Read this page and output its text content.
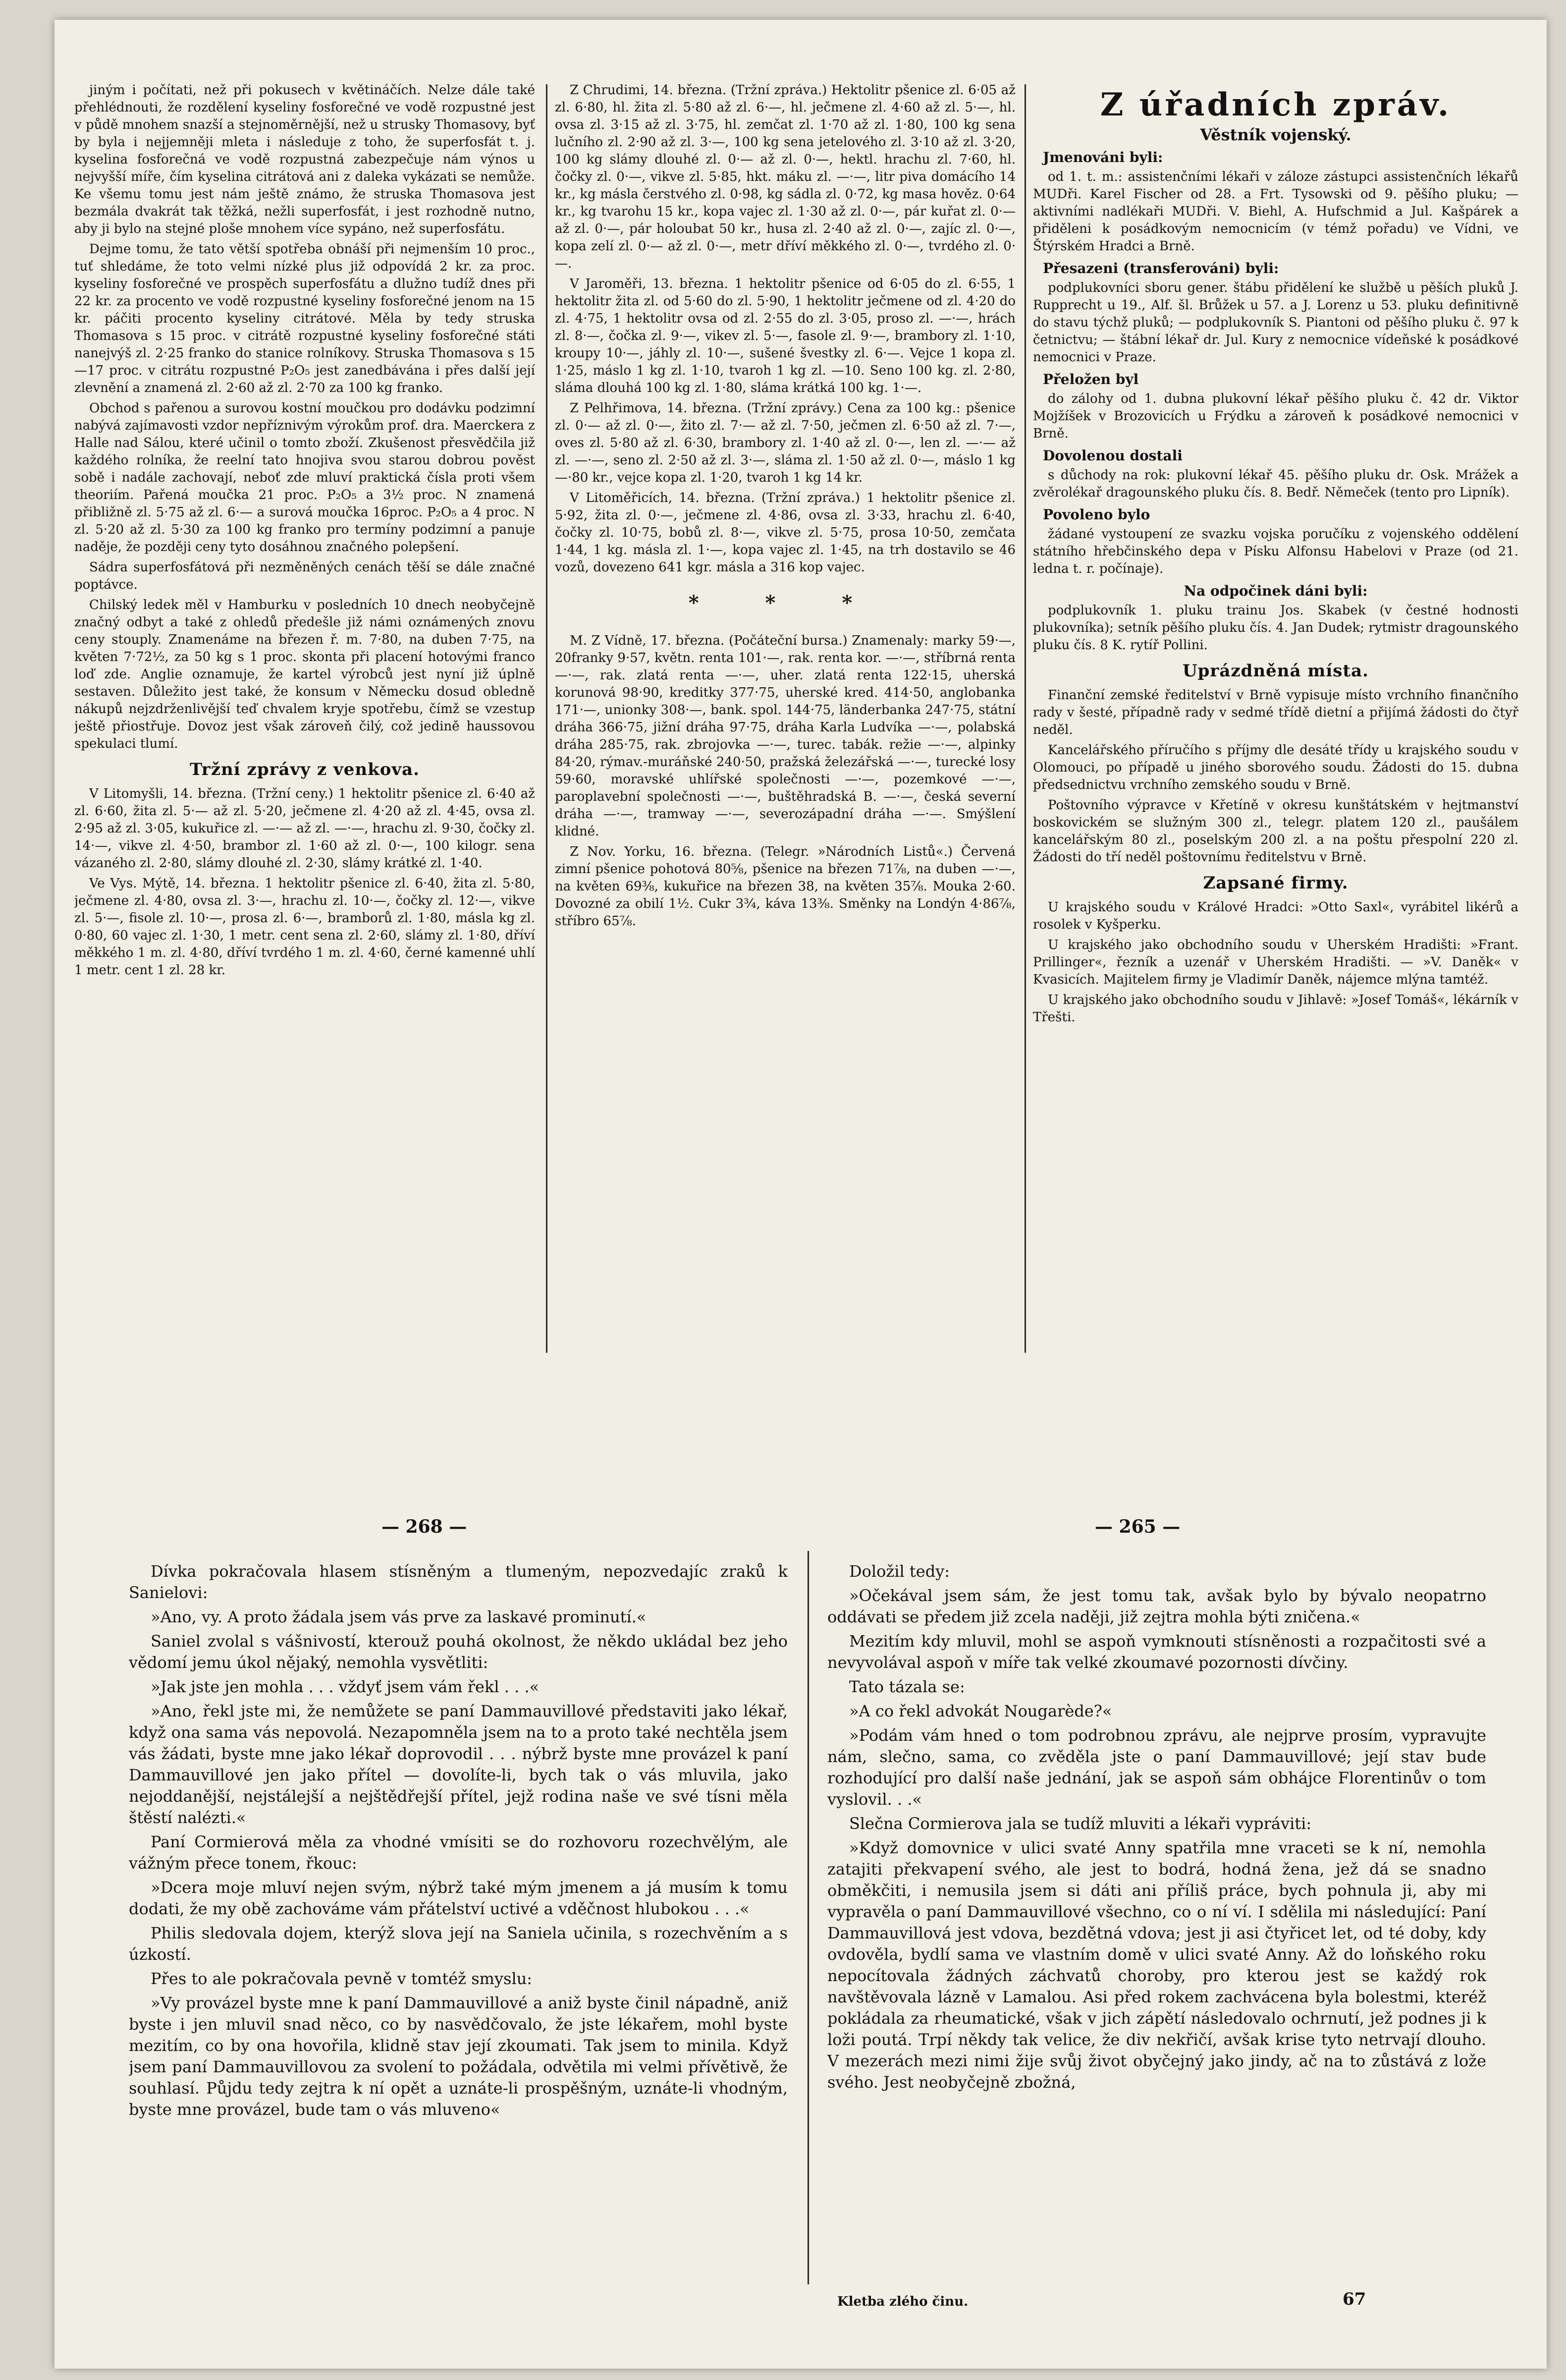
jiným i počítati, než při pokusech v květináčích. Nelze dále také přehlédnouti, že rozdělení kyseliny fosforečné ve vodě rozpustné jest v půdě mnohem snazší a stejnoměrnější, než u strusky Thomasovy, byť by byla i nejjemněji mleta i následuje z toho, že superfosfát t. j. kyselina fosforečná ve vodě rozpustná zabezpečuje nám výnos u nejvyšší míře, čím kyselina citrátová ani z daleka vykázati se nemůže. Ke všemu tomu jest nám ještě známo, že struska Thomasova jest bezmála dvakrát tak těžká, nežli superfosfát, i jest rozhodně nutno, aby ji bylo na stejné ploše mnohem více sypáno, než superfosfátu.

Dejme tomu, že tato větší spotřeba obnáší při nejmenším 10 proc., tuť shledáme, že toto velmi nízké plus již odpovídá 2 kr. za proc. kyseliny fosforečné ve prospěch superfosfátu a dlužno tudíž dnes při 22 kr. za procento ve vodě rozpustné kyseliny fosforečné jenom na 15 kr. páčiti procento kyseliny citrátové. Měla by tedy struska Thomasova s 15 proc. v citrátě rozpustné kyseliny fosforečné státi nanejvýš zl. 2·25 franko do stanice rolníkovy. Struska Thomasova s 15—17 proc. v citrátu rozpustné P₂O₅ jest zanedbávána i přes další její zlevnění a znamená zl. 2·60 až zl. 2·70 za 100 kg franko.

Obchod s pařenou a surovou kostní moučkou pro dodávku podzimní nabývá zajímavosti vzdor nepříznivým výrokům prof. dra. Maerckera z Halle nad Sálou, které učinil o tomto zboží. Zkušenost přesvědčila již každého rolníka, že reelní tato hnojiva svou starou dobrou pověst sobě i nadále zachovají, neboť zde mluví praktická čísla proti všem theoriím. Pařená moučka 21 proc. P₂O₅ a 3½ proc. N znamená přibližně zl. 5·75 až zl. 6·— a surová moučka 16proc. P₂O₅ a 4 proc. N zl. 5·20 až zl. 5·30 za 100 kg franko pro termíny podzimní a panuje naděje, že později ceny tyto dosáhnou značného polepšení.

Sádra superfosfátová při nezměněných cenách těší se dále značné poptávce.

Chilský ledek měl v Hamburku v posledních 10 dnech neobyčejně značný odbyt a také z ohledů předešle již námi oznámených znovu ceny stouply. Znamenáme na březen ř. m. 7·80, na duben 7·75, na květen 7·72½, za 50 kg s 1 proc. skonta při placení hotovými franco loď zde. Anglie oznamuje, že kartel výrobců jest nyní již úplně sestaven. Důležito jest také, že konsum v Německu dosud obledně nákupů nejzdrženlivější teď chvalem kryje spotřebu, čímž se vzestup ještě přiostřuje. Dovoz jest však zároveň čilý, což jedině haussovou spekulaci tlumí.

Tržní zprávy z venkova.

V Litomyšli, 14. března. (Tržní ceny.) 1 hektolitr pšenice zl. 6·40 až zl. 6·60, žita zl. 5·— až zl. 5·20, ječmene zl. 4·20 až zl. 4·45, ovsa zl. 2·95 až zl. 3·05, kukuřice zl. —·— až zl. —·—, hrachu zl. 9·30, čočky zl. 14·—, vikve zl. 4·50, brambor zl. 1·60 až zl. 0·—, 100 kilogr. sena vázaného zl. 2·80, slámy dlouhé zl. 2·30, slámy krátké zl. 1·40.

Ve Vys. Mýtě, 14. března. 1 hektolitr pšenice zl. 6·40, žita zl. 5·80, ječmene zl. 4·80, ovsa zl. 3·—, hrachu zl. 10·—, čočky zl. 12·—, vikve zl. 5·—, fisole zl. 10·—, prosa zl. 6·—, bramborů zl. 1·80, másla kg zl. 0·80, 60 vajec zl. 1·30, 1 metr. cent sena zl. 2·60, slámy zl. 1·80, dříví měkkého 1 m. zl. 4·80, dříví tvrdého 1 m. zl. 4·60, černé kamenné uhlí 1 metr. cent 1 zl. 28 kr.

Z Chrudimi, 14. března. (Tržní zpráva.) Hektolitr pšenice zl. 6·05 až zl. 6·80, hl. žita zl. 5·80 až zl. 6·—, hl. ječmene zl. 4·60 až zl. 5·—, hl. ovsa zl. 3·15 až zl. 3·75, hl. zemčat zl. 1·70 až zl. 1·80, 100 kg sena lučního zl. 2·90 až zl. 3·—, 100 kg sena jetelového zl. 3·10 až zl. 3·20, 100 kg slámy dlouhé zl. 0·— až zl. 0·—, hektl. hrachu zl. 7·60, hl. čočky zl. 0·—, vikve zl. 5·85, hkt. máku zl. —·—, litr piva domácího 14 kr., kg másla čerstvého zl. 0·98, kg sádla zl. 0·72, kg masa hověz. 0·64 kr., kg tvarohu 15 kr., kopa vajec zl. 1·30 až zl. 0·—, pár kuřat zl. 0·— až zl. 0·—, pár holoubat 50 kr., husa zl. 2·40 až zl. 0·—, zajíc zl. 0·—, kopa zelí zl. 0·— až zl. 0·—, metr dříví měkkého zl. 0·—, tvrdého zl. 0·—.

V Jaroměři, 13. března. 1 hektolitr pšenice od 6·05 do zl. 6·55, 1 hektolitr žita zl. od 5·60 do zl. 5·90, 1 hektolitr ječmene od zl. 4·20 do zl. 4·75, 1 hektolitr ovsa od zl. 2·55 do zl. 3·05, proso zl. —·—, hrách zl. 8·—, čočka zl. 9·—, vikev zl. 5·—, fasole zl. 9·—, brambory zl. 1·10, kroupy 10·—, jáhly zl. 10·—, sušené švestky zl. 6·—. Vejce 1 kopa zl. 1·25, máslo 1 kg zl. 1·10, tvaroh 1 kg zl. —10. Seno 100 kg. zl. 2·80, sláma dlouhá 100 kg zl. 1·80, sláma krátká 100 kg. 1·—.

Z Pelhřimova, 14. března. (Tržní zprávy.) Cena za 100 kg.: pšenice zl. 0·— až zl. 0·—, žito zl. 7·— až zl. 7·50, ječmen zl. 6·50 až zl. 7·—, oves zl. 5·80 až zl. 6·30, brambory zl. 1·40 až zl. 0·—, len zl. —·— až zl. —·—, seno zl. 2·50 až zl. 3·—, sláma zl. 1·50 až zl. 0·—, máslo 1 kg —·80 kr., vejce kopa zl. 1·20, tvaroh 1 kg 14 kr.

V Litoměřicích, 14. března. (Tržní zpráva.) 1 hektolitr pšenice zl. 5·92, žita zl. 0·—, ječmene zl. 4·86, ovsa zl. 3·33, hrachu zl. 6·40, čočky zl. 10·75, bobů zl. 8·—, vikve zl. 5·75, prosa 10·50, zemčata 1·44, 1 kg. másla zl. 1·—, kopa vajec zl. 1·45, na trh dostavilo se 46 vozů, dovezeno 641 kgr. másla a 316 kop vajec.

* * *

M. Z Vídně, 17. března. (Počáteční bursa.) Znamenaly: marky 59·—, 20franky 9·57, květn. renta 101·—, rak. renta kor. —·—, stříbrná renta —·—, rak. zlatá renta —·—, uher. zlatá renta 122·15, uherská korunová 98·90, kreditky 377·75, uherské kred. 414·50, anglobanka 171·—, unionky 308·—, bank. spol. 144·75, länderbanka 247·75, státní dráha 366·75, jižní dráha 97·75, dráha Karla Ludvíka —·—, polabská dráha 285·75, rak. zbrojovka —·—, turec. tabák. režie —·—, alpinky 84·20, rýmav.-muráňské 240·50, pražská železářská —·—, turecké losy 59·60, moravské uhlířské společnosti —·—, pozemkové —·—, paroplavební společnosti —·—, buštěhradská B. —·—, česká severní dráha —·—, tramway —·—, severozápadní dráha —·—. Smýšlení klidné.

Z Nov. Yorku, 16. března. (Telegr. »Národních Listů«.) Červená zimní pšenice pohotová 80⅝, pšenice na březen 71⅞, na duben —·—, na květen 69⅜, kukuřice na březen 38, na květen 35⅞. Mouka 2·60. Dovozné za obilí 1½. Cukr 3¾, káva 13⅜. Směnky na Londýn 4·86⅞, stříbro 65⅞.

Z úřadních zpráv.
Věstník vojenský.
Jmenováni byli:

od 1. t. m.: assistenčními lékaři v záloze zástupci assistenčních lékařů MUDři. Karel Fischer od 28. a Frt. Tysowski od 9. pěšího pluku; — aktivními nadlékaři MUDři. V. Biehl, A. Hufschmid a Jul. Kašpárek a přiděleni k posádkovým nemocnicím (v témž pořadu) ve Vídni, ve Štýrském Hradci a Brně.

Přesazeni (transferováni) byli:

podplukovníci sboru gener. štábu přidělení ke službě u pěších pluků J. Rupprecht u 19., Alf. šl. Brůžek u 57. a J. Lorenz u 53. pluku definitivně do stavu týchž pluků; — podplukovník S. Piantoni od pěšího pluku č. 97 k četnictvu; — štábní lékař dr. Jul. Kury z nemocnice vídeňské k posádkové nemocnici v Praze.

Přeložen byl

do zálohy od 1. dubna plukovní lékař pěšího pluku č. 42 dr. Viktor Mojžíšek v Brozovicích u Frýdku a zároveň k posádkové nemocnici v Brně.

Dovolenou dostali

s důchody na rok: plukovní lékař 45. pěšího pluku dr. Osk. Mrážek a zvěrolékař dragounského pluku čís. 8. Bedř. Němeček (tento pro Lipník).

Povoleno bylo

žádané vystoupení ze svazku vojska poručíku z vojenského oddělení státního hřebčinského depa v Písku Alfonsu Habelovi v Praze (od 21. ledna t. r. počínaje).

Na odpočinek dáni byli:

podplukovník 1. pluku trainu Jos. Skabek (v čestné hodnosti plukovníka); setník pěšího pluku čís. 4. Jan Dudek; rytmistr dragounského pluku čís. 8 K. rytíř Pollini.

Uprázdněná místa.

Finanční zemské ředitelství v Brně vypisuje místo vrchního finančního rady v šesté, případně rady v sedmé třídě dietní a přijímá žádosti do čtyř neděl.

Kancelářského příručího s příjmy dle desáté třídy u krajského soudu v Olomouci, po případě u jiného sborového soudu. Žádosti do 15. dubna předsednictvu vrchního zemského soudu v Brně.

Poštovního výpravce v Křetíně v okresu kunštátském v hejtmanství boskovickém se služným 300 zl., telegr. platem 120 zl., paušálem kancelářským 80 zl., poselským 200 zl. a na poštu přespolní 220 zl. Žádosti do tří neděl poštovnímu ředitelstvu v Brně.

Zapsané firmy.

U krajského soudu v Králové Hradci: »Otto Saxl«, vyrábitel likérů a rosolek v Kyšperku.

U krajského jako obchodního soudu v Uherském Hradišti: »Frant. Prillinger«, řezník a uzenář v Uherském Hradišti. — »V. Daněk« v Kvasicích. Majitelem firmy je Vladimír Daněk, nájemce mlýna tamtéž.

U krajského jako obchodního soudu v Jihlavě: »Josef Tomáš«, lékárník v Třešti.

— 268 —	— 265 —

Dívka pokračovala hlasem stísněným a tlumeným, nepozvedajíc zraků k Sanielovi:

»Ano, vy. A proto žádala jsem vás prve za laskavé prominutí.«

Saniel zvolal s vášnivostí, kterouž pouhá okolnost, že někdo ukládal bez jeho vědomí jemu úkol nějaký, nemohla vysvětliti:

»Jak jste jen mohla . . . vždyť jsem vám řekl . . .«

»Ano, řekl jste mi, že nemůžete se paní Dammauvillové představiti jako lékař, když ona sama vás nepovolá. Nezapomněla jsem na to a proto také nechtěla jsem vás žádati, byste mne jako lékař doprovodil . . . nýbrž byste mne provázel k paní Dammauvillové jen jako přítel — dovolíte-li, bych tak o vás mluvila, jako nejoddanější, nejstálejší a nejštědřejší přítel, jejž rodina naše ve své tísni měla štěstí nalézti.«

Paní Cormierová měla za vhodné vmísiti se do rozhovoru rozechvělým, ale vážným přece tonem, řkouc:

»Dcera moje mluví nejen svým, nýbrž také mým jmenem a já musím k tomu dodati, že my obě zachováme vám přátelství uctivé a vděčnost hlubokou . . .«

Philis sledovala dojem, kterýž slova její na Saniela učinila, s rozechvěním a s úzkostí.

Přes to ale pokračovala pevně v tomtéž smyslu:

»Vy provázel byste mne k paní Dammauvillové a aniž byste činil nápadně, aniž byste i jen mluvil snad něco, co by nasvědčovalo, že jste lékařem, mohl byste mezitím, co by ona hovořila, klidně stav její zkoumati. Tak jsem to minila. Když jsem paní Dammauvillovou za svolení to požádala, odvětila mi velmi přívětivě, že souhlasí. Půjdu tedy zejtra k ní opět a uznáte-li prospěšným, uznáte-li vhodným, byste mne provázel, bude tam o vás mluveno«

Doložil tedy:

»Očekával jsem sám, že jest tomu tak, avšak bylo by bývalo neopatrno oddávati se předem již zcela naději, již zejtra mohla býti zničena.«

Mezitím kdy mluvil, mohl se aspoň vymknouti stísněnosti a rozpačitosti své a nevyvolával aspoň v míře tak velké zkoumavé pozornosti dívčiny.

Tato tázala se:

»A co řekl advokát Nougarède?«

»Podám vám hned o tom podrobnou zprávu, ale nejprve prosím, vypravujte nám, slečno, sama, co zvěděla jste o paní Dammauvillové; její stav bude rozhodující pro další naše jednání, jak se aspoň sám obhájce Florentinův o tom vyslovil. . .«

Slečna Cormierova jala se tudíž mluviti a lékaři vypráviti:

»Když domovnice v ulici svaté Anny spatřila mne vraceti se k ní, nemohla zatajiti překvapení svého, ale jest to bodrá, hodná žena, jež dá se snadno obměkčiti, i nemusila jsem si dáti ani příliš práce, bych pohnula ji, aby mi vypravěla o paní Dammauvillové všechno, co o ní ví. I sdělila mi následující: Paní Dammauvillová jest vdova, bezdětná vdova; jest ji asi čtyřicet let, od té doby, kdy ovdověla, bydlí sama ve vlastním domě v ulici svaté Anny. Až do loňského roku nepocítovala žádných záchvatů choroby, pro kterou jest se každý rok navštěvovala lázně v Lamalou. Asi před rokem zachvácena byla bolestmi, kteréž pokládala za rheumatické, však v jich zápětí následovalo ochrnutí, jež podnes ji k loži poutá. Trpí někdy tak velice, že div nekřičí, avšak krise tyto netrvají dlouho. V mezerách mezi nimi žije svůj život obyčejný jako jindy, ač na to zůstává z lože svého. Jest neobyčejně zbožná,

Kletba zlého činu.	67
